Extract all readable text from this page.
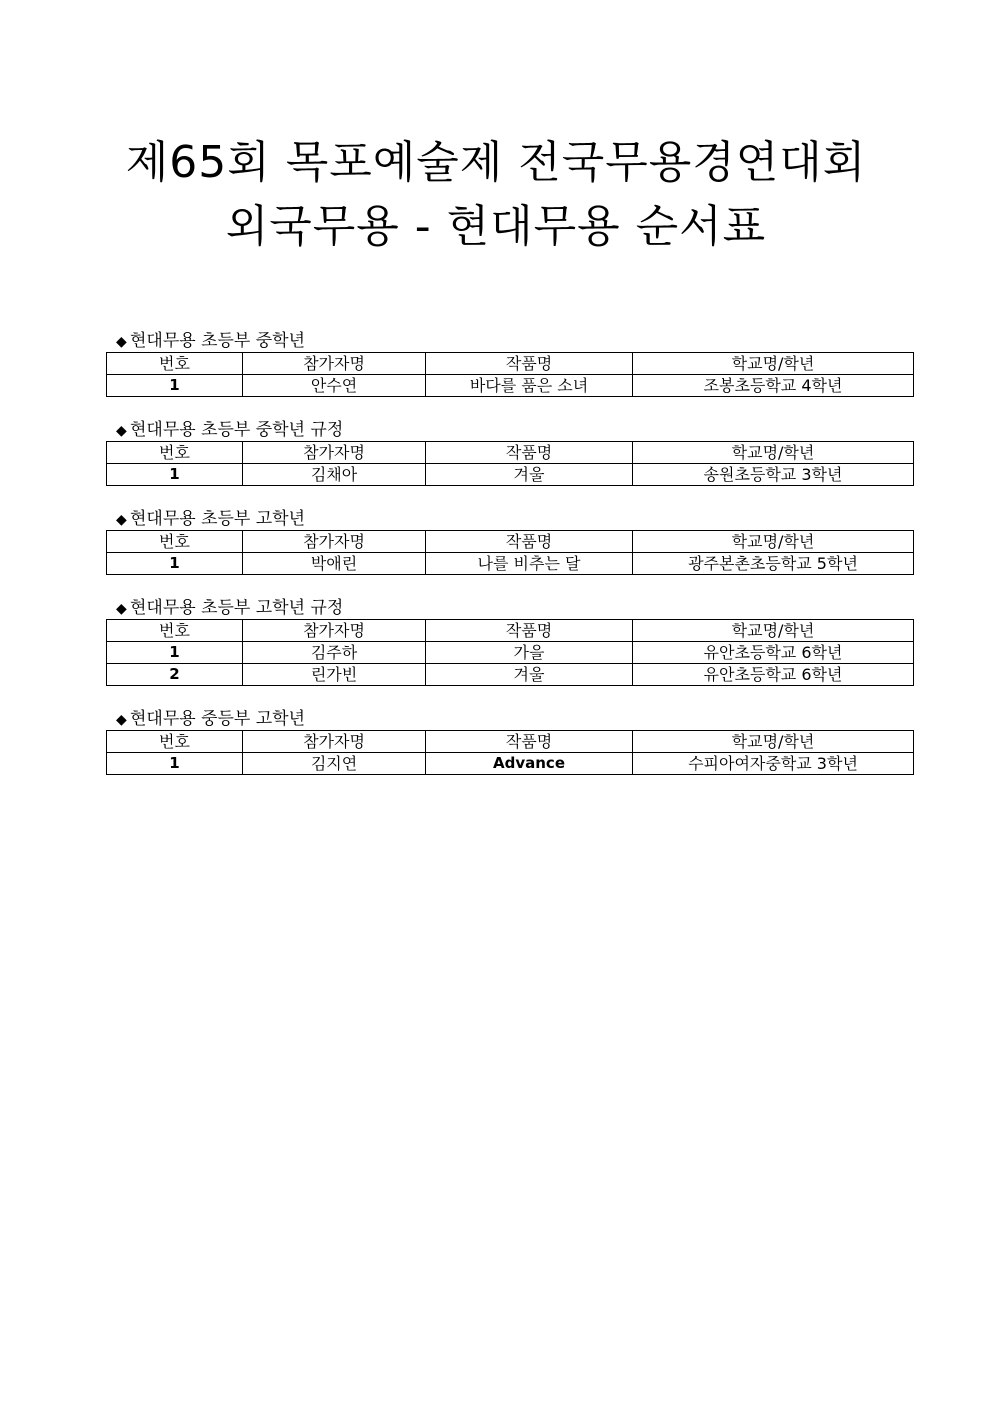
제65회 목포예술제 전국무용경연대회
외국무용 - 현대무용 순서표
◆ 현대무용 초등부 중학년
번호	참가자명	작품명	학교명/학년
1	안수연	바다를 품은 소녀	조봉초등학교 4학년
◆ 현대무용 초등부 중학년 규정
번호	참가자명	작품명	학교명/학년
1	김채아	겨울	송원초등학교 3학년
◆ 현대무용 초등부 고학년
번호	참가자명	작품명	학교명/학년
1	박애린	나를 비추는 달	광주본촌초등학교 5학년
◆ 현대무용 초등부 고학년 규정
번호	참가자명	작품명	학교명/학년
1	김주하	가을	유안초등학교 6학년
2	린가빈	겨울	유안초등학교 6학년
◆ 현대무용 중등부 고학년
번호	참가자명	작품명	학교명/학년
1	김지연	Advance	수피아여자중학교 3학년
